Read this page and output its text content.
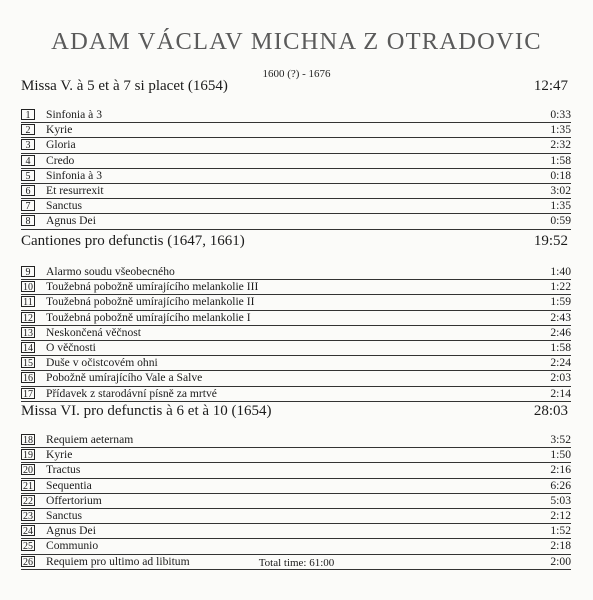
ADAM VÁCLAV MICHNA Z OTRADOVIC
1600 (?) - 1676
Missa V. à 5 et à 7 si placet (1654)	12:47
1	Sinfonia à 3	0:33
2	Kyrie	1:35
3	Gloria	2:32
4	Credo	1:58
5	Sinfonia à 3	0:18
6	Et resurrexit	3:02
7	Sanctus	1:35
8	Agnus Dei	0:59
Cantiones pro defunctis (1647, 1661)	19:52
9	Alarmo soudu všeobecného	1:40
10 Toužebná pobožně umírajícího melankolie III	1:22
11 Toužebná pobožně umírajícího melankolie II	1:59
12 Toužebná pobožně umírajícího melankolie I	2:43
13 Neskončená věčnost	2:46
14 O věčnosti	1:58
15 Duše v očistcovém ohni	2:24
16 Pobožně umírajícího Vale a Salve	2:03
17 Přídavek z starodávní písně za mrtvé	2:14
Missa VI. pro defunctis à 6 et à 10 (1654)	28:03
18 Requiem aeternam	3:52
19 Kyrie	1:50
20 Tractus	2:16
21 Sequentia	6:26
22 Offertorium	5:03
23 Sanctus	2:12
24 Agnus Dei	1:52
25 Communio	2:18
26 Requiem pro ultimo ad libitum	2:00
Total time: 61:00
